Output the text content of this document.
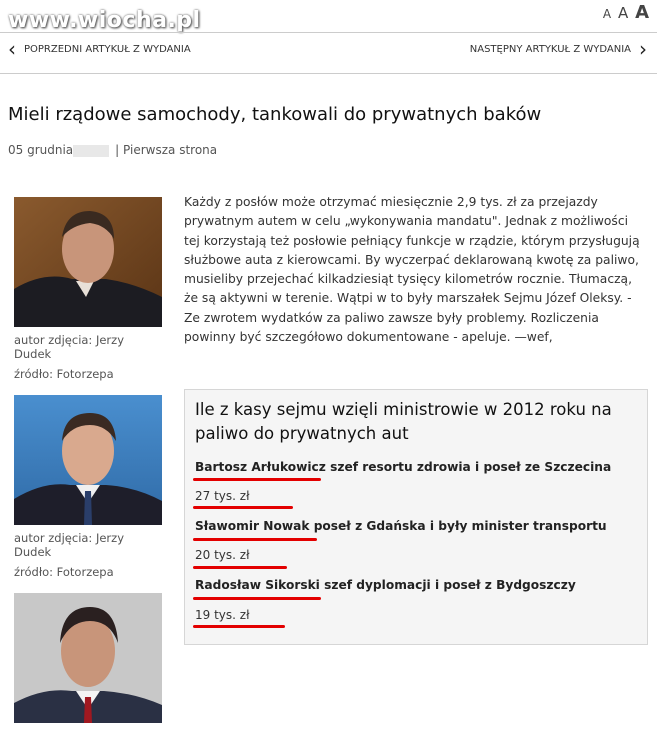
www.wiocha.pl	A A A
‹ POPRZEDNI ARTYKUŁ Z WYDANIA	NASTĘPNY ARTYKUŁ Z WYDANIA ›
Mieli rządowe samochody, tankowali do prywatnych baków
05 grudnia	| Pierwsza strona
autor zdjęcia: Jerzy Dudek
źródło: Fotorzepa
autor zdjęcia: Jerzy Dudek
źródło: Fotorzepa

Każdy z posłów może otrzymać miesięcznie 2,9 tys. zł za przejazdy prywatnym autem w celu „wykonywania mandatu". Jednak z możliwości tej korzystają też posłowie pełniący funkcje w rządzie, którym przysługują służbowe auta z kierowcami. By wyczerpać deklarowaną kwotę za paliwo, musieliby przejechać kilkadziesiąt tysięcy kilometrów rocznie. Tłumaczą, że są aktywni w terenie. Wątpi w to były marszałek Sejmu Józef Oleksy. - Ze zwrotem wydatków za paliwo zawsze były problemy. Rozliczenia powinny być szczegółowo dokumentowane - apeluje. —wef,

Ile z kasy sejmu wzięli ministrowie w 2012 roku na paliwo do prywatnych aut
Bartosz Arłukowicz szef resortu zdrowia i poseł ze Szczecina
27 tys. zł
Sławomir Nowak poseł z Gdańska i były minister transportu
20 tys. zł
Radosław Sikorski szef dyplomacji i poseł z Bydgoszczy
19 tys. zł
